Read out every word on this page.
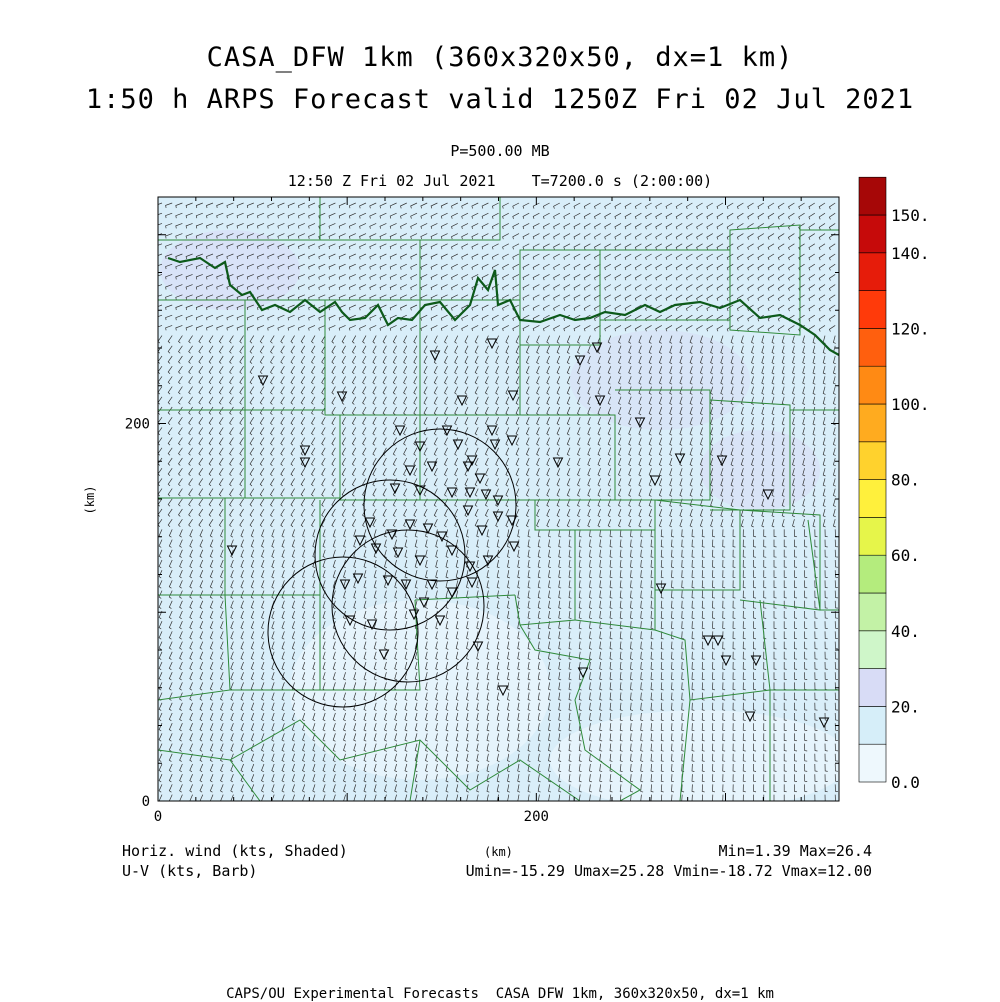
0	200
0
200
(km)
0.0
20.
40.
60.
80.
100.
120.
140.
150.
CASA_DFW 1km (360x320x50, dx=1 km)
1:50 h ARPS Forecast valid 1250Z Fri 02 Jul 2021
P=500.00 MB
12:50 Z Fri 02 Jul 2021    T=7200.0 s (2:00:00)
Horiz. wind (kts, Shaded)
U-V (kts, Barb)
(km)	Min=1.39 Max=26.4
Umin=-15.29 Umax=25.28 Vmin=-18.72 Vmax=12.00
CAPS/OU Experimental Forecasts  CASA DFW 1km, 360x320x50, dx=1 km
